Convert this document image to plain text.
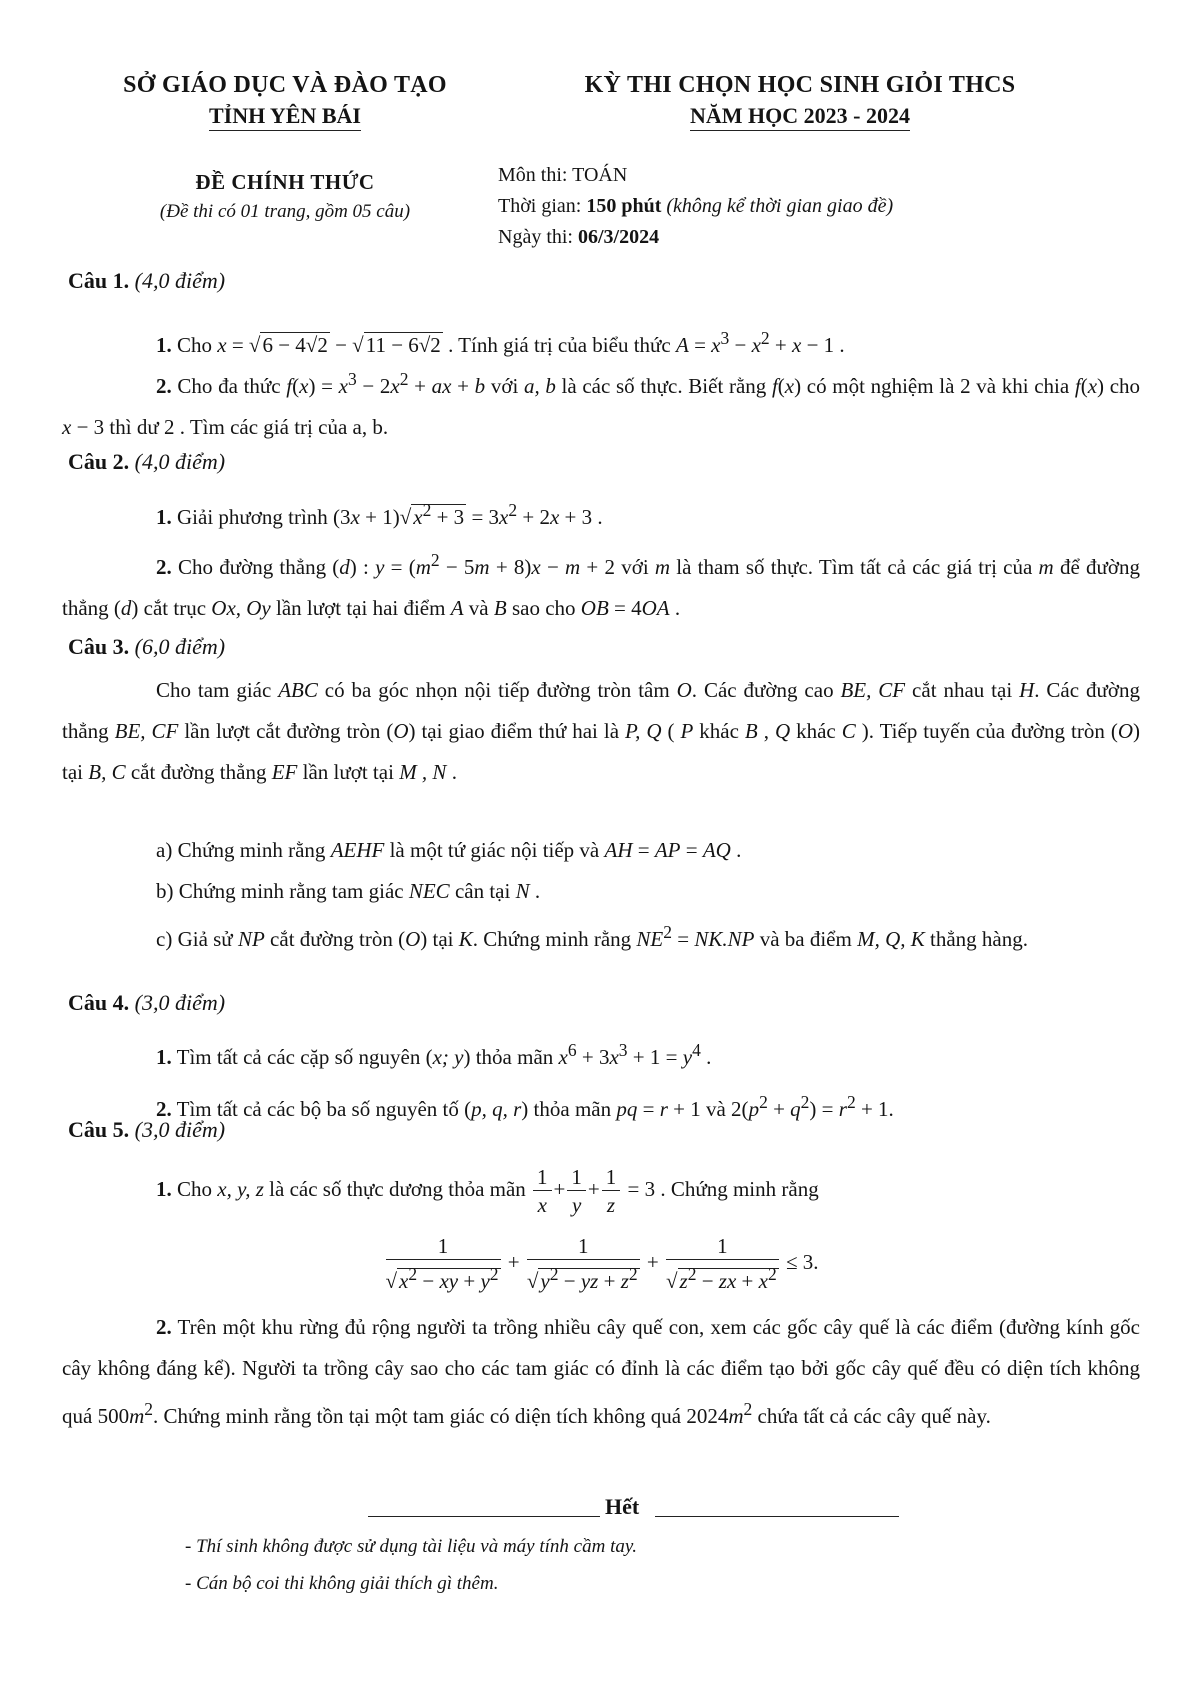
SỞ GIÁO DỤC VÀ ĐÀO TẠO
TỈNH YÊN BÁI
KỲ THI CHỌN HỌC SINH GIỎI THCS
NĂM HỌC 2023 - 2024
ĐỀ CHÍNH THỨC
(Đề thi có 01 trang, gồm 05 câu)
Môn thi: TOÁN
Thời gian: 150 phút (không kể thời gian giao đề)
Ngày thi: 06/3/2024
Câu 1. (4,0 điểm)
1. Cho x = √6 − 4√2 − √11 − 6√2 . Tính giá trị của biểu thức $A = x^3 - x^2 + x - 1$ .
2. Cho đa thức $f(x) = x^3 - 2x^2$ + ax + b với a, b là các số thực. Biết rằng f(x) có một nghiệm là 2 và khi chia f(x) cho x − 3 thì dư 2 . Tìm các giá trị của a, b.
Câu 2. (4,0 điểm)
1. Giải phương trình $(3x + 1)√x^2 + 3 = 3x^2 + 2x + 3$ .
2. Cho đường thẳng (d) : $y = (m^2 - 5m + 8)x - m + 2$ với m là tham số thực. Tìm tất cả các giá trị của m để đường thẳng (d) cắt trục Ox, Oy lần lượt tại hai điểm A và B sao cho OB = 4OA .
Câu 3. (6,0 điểm)
Cho tam giác ABC có ba góc nhọn nội tiếp đường tròn tâm O. Các đường cao BE, CF cắt nhau tại H. Các đường thẳng BE, CF lần lượt cắt đường tròn (O) tại giao điểm thứ hai là P, Q ( P khác B , Q khác C ). Tiếp tuyến của đường tròn (O) tại B, C cắt đường thẳng EF lần lượt tại M , N .
a) Chứng minh rằng AEHF là một tứ giác nội tiếp và AH = AP = AQ .
b) Chứng minh rằng tam giác NEC cân tại N .
c) Giả sử NP cắt đường tròn (O) tại K. Chứng minh rằng $NE^2 = NK.NP$ và ba điểm M, Q, K thẳng hàng.
Câu 4. (3,0 điểm)
1. Tìm tất cả các cặp số nguyên (x; y) thỏa mãn $x^6 + 3x^3 + 1 = y^4$ .
2. Tìm tất cả các bộ ba số nguyên tố (p, q, r) thỏa mãn pq = r + 1 và $2(p^2 + q^2) = r^2 + 1$.
Câu 5. (3,0 điểm)
1. Cho x, y, z là các số thực dương thỏa mãn $\frac{1}{x} + \frac{1}{y} + \frac{1}{z} = 3$ . Chứng minh rằng
$\frac{1}{√x^2 - xy + y^2} + \frac{1}{√y^2 - yz + z^2} + \frac{1}{√z^2 - zx + x^2} \le 3$.
2. Trên một khu rừng đủ rộng người ta trồng nhiều cây quế con, xem các gốc cây quế là các điểm (đường kính gốc cây không đáng kể). Người ta trồng cây sao cho các tam giác có đỉnh là các điểm tạo bởi gốc cây quế đều có diện tích không quá $500m^2$. Chứng minh rằng tồn tại một tam giác có diện tích không quá $2024m^2$ chứa tất cả các cây quế này.
Hết
- Thí sinh không được sử dụng tài liệu và máy tính cầm tay.
- Cán bộ coi thi không giải thích gì thêm.
